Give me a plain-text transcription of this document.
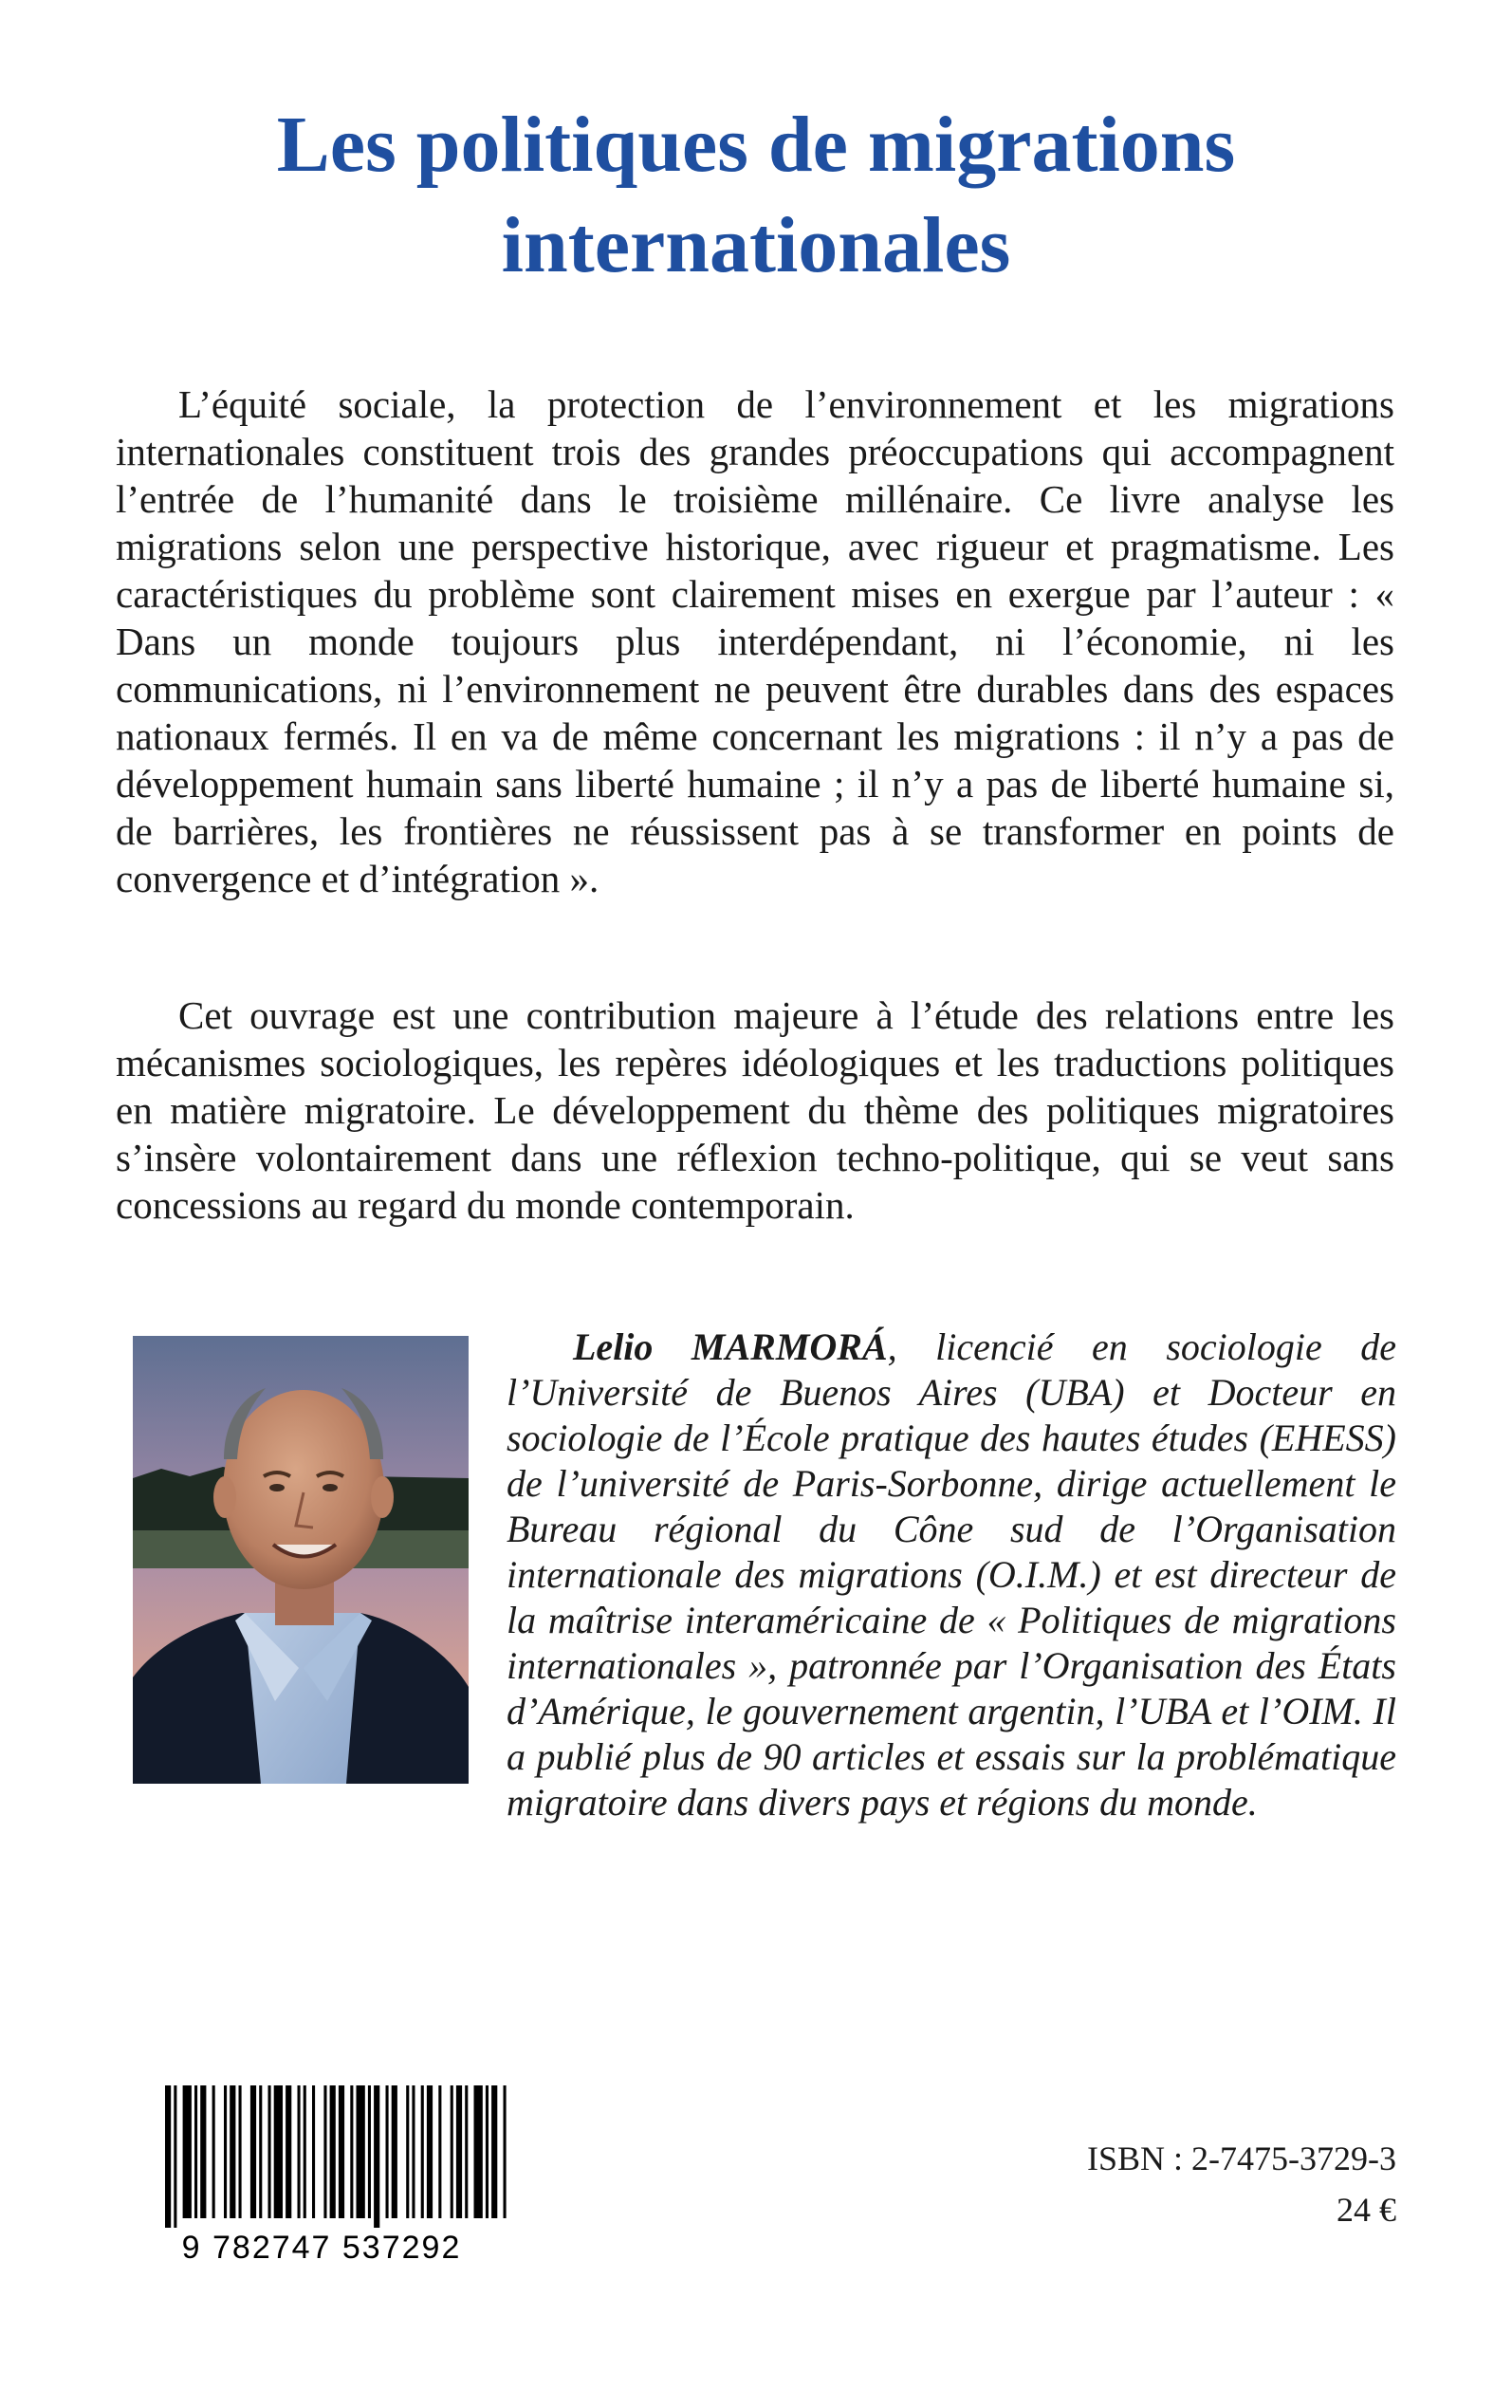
Les politiques de migrations
internationales

L’équité sociale, la protection de l’environnement et les migrations internationales constituent trois des grandes préoccupations qui accompagnent l’entrée de l’humanité dans le troisième millénaire. Ce livre analyse les migrations selon une perspective historique, avec rigueur et pragmatisme. Les caractéristiques du problème sont clairement mises en exergue par l’auteur : « Dans un monde toujours plus interdépendant, ni l’économie, ni les communications, ni l’environnement ne peuvent être durables dans des espaces nationaux fermés. Il en va de même concernant les migrations : il n’y a pas de développement humain sans liberté humaine ; il n’y a pas de liberté humaine si, de barrières, les frontières ne réussissent pas à se transformer en points de convergence et d’intégration ».

Cet ouvrage est une contribution majeure à l’étude des relations entre les mécanismes sociologiques, les repères idéologiques et les traductions politiques en matière migratoire. Le développement du thème des politiques migratoires s’insère volontairement dans une réflexion techno-politique, qui se veut sans concessions au regard du monde contemporain.

Lelio MARMORÁ, licencié en sociologie de l’Université de Buenos Aires (UBA) et Docteur en sociologie de l’École pratique des hautes études (EHESS) de l’université de Paris-Sorbonne, dirige actuellement le Bureau régional du Cône sud de l’Organisation internationale des migrations (O.I.M.) et est directeur de la maîtrise interaméricaine de « Politiques de migrations internationales », patronnée par l’Organisation des États d’Amérique, le gouvernement argentin, l’UBA et l’OIM. Il a publié plus de 90 articles et essais sur la problématique migratoire dans divers pays et régions du monde.

9 782747 537292
ISBN : 2-7475-3729-3
24 €
